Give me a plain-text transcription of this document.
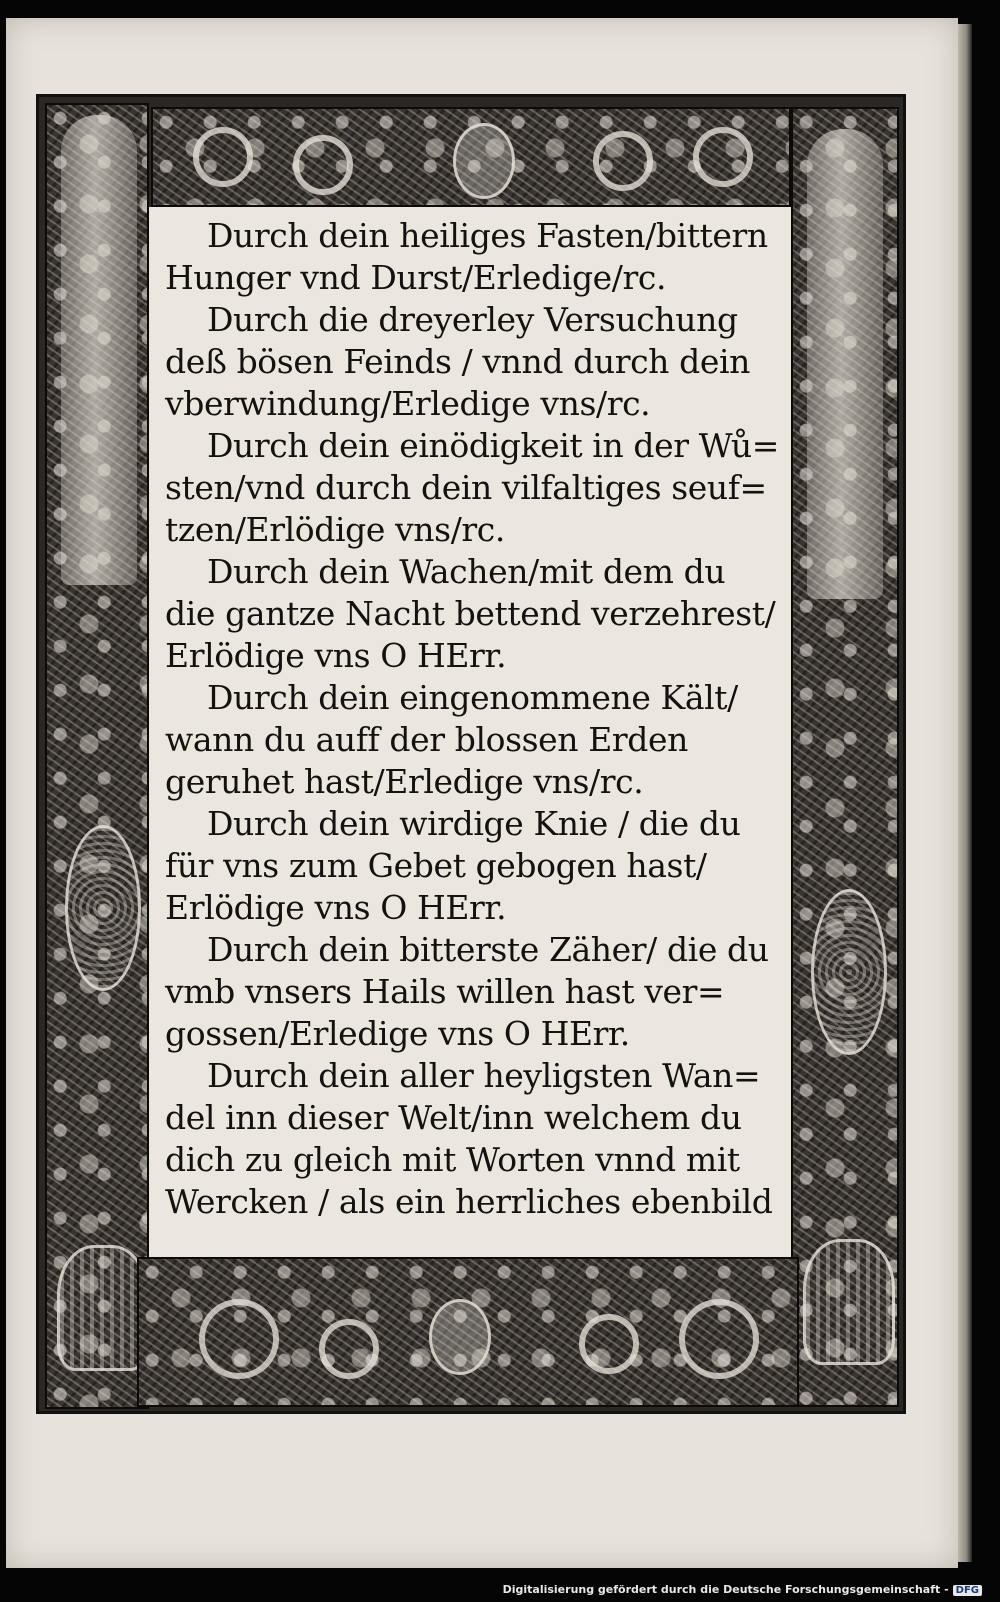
Durch dein heiliges Fasten/bittern
Hunger vnd Durst/Erledige/rc.
Durch die dreyerley Versuchung
deß bösen Feinds / vnnd durch dein
vberwindung/Erledige vns/rc.
Durch dein einödigkeit in der Wů=
sten/vnd durch dein vilfaltiges seuf=
tzen/Erlödige vns/rc.
Durch dein Wachen/mit dem du
die gantze Nacht bettend verzehrest/
Erlödige vns O HErr.
Durch dein eingenommene Kält/
wann du auff der blossen Erden
geruhet hast/Erledige vns/rc.
Durch dein wirdige Knie / die du
für vns zum Gebet gebogen hast/
Erlödige vns O HErr.
Durch dein bitterste Zäher/ die du
vmb vnsers Hails willen hast ver=
gossen/Erledige vns O HErr.
Durch dein aller heyligsten Wan=
del inn dieser Welt/inn welchem du
dich zu gleich mit Worten vnnd mit
Wercken / als ein herrliches ebenbild
Digitalisierung gefördert durch die Deutsche Forschungsgemeinschaft - DFG
